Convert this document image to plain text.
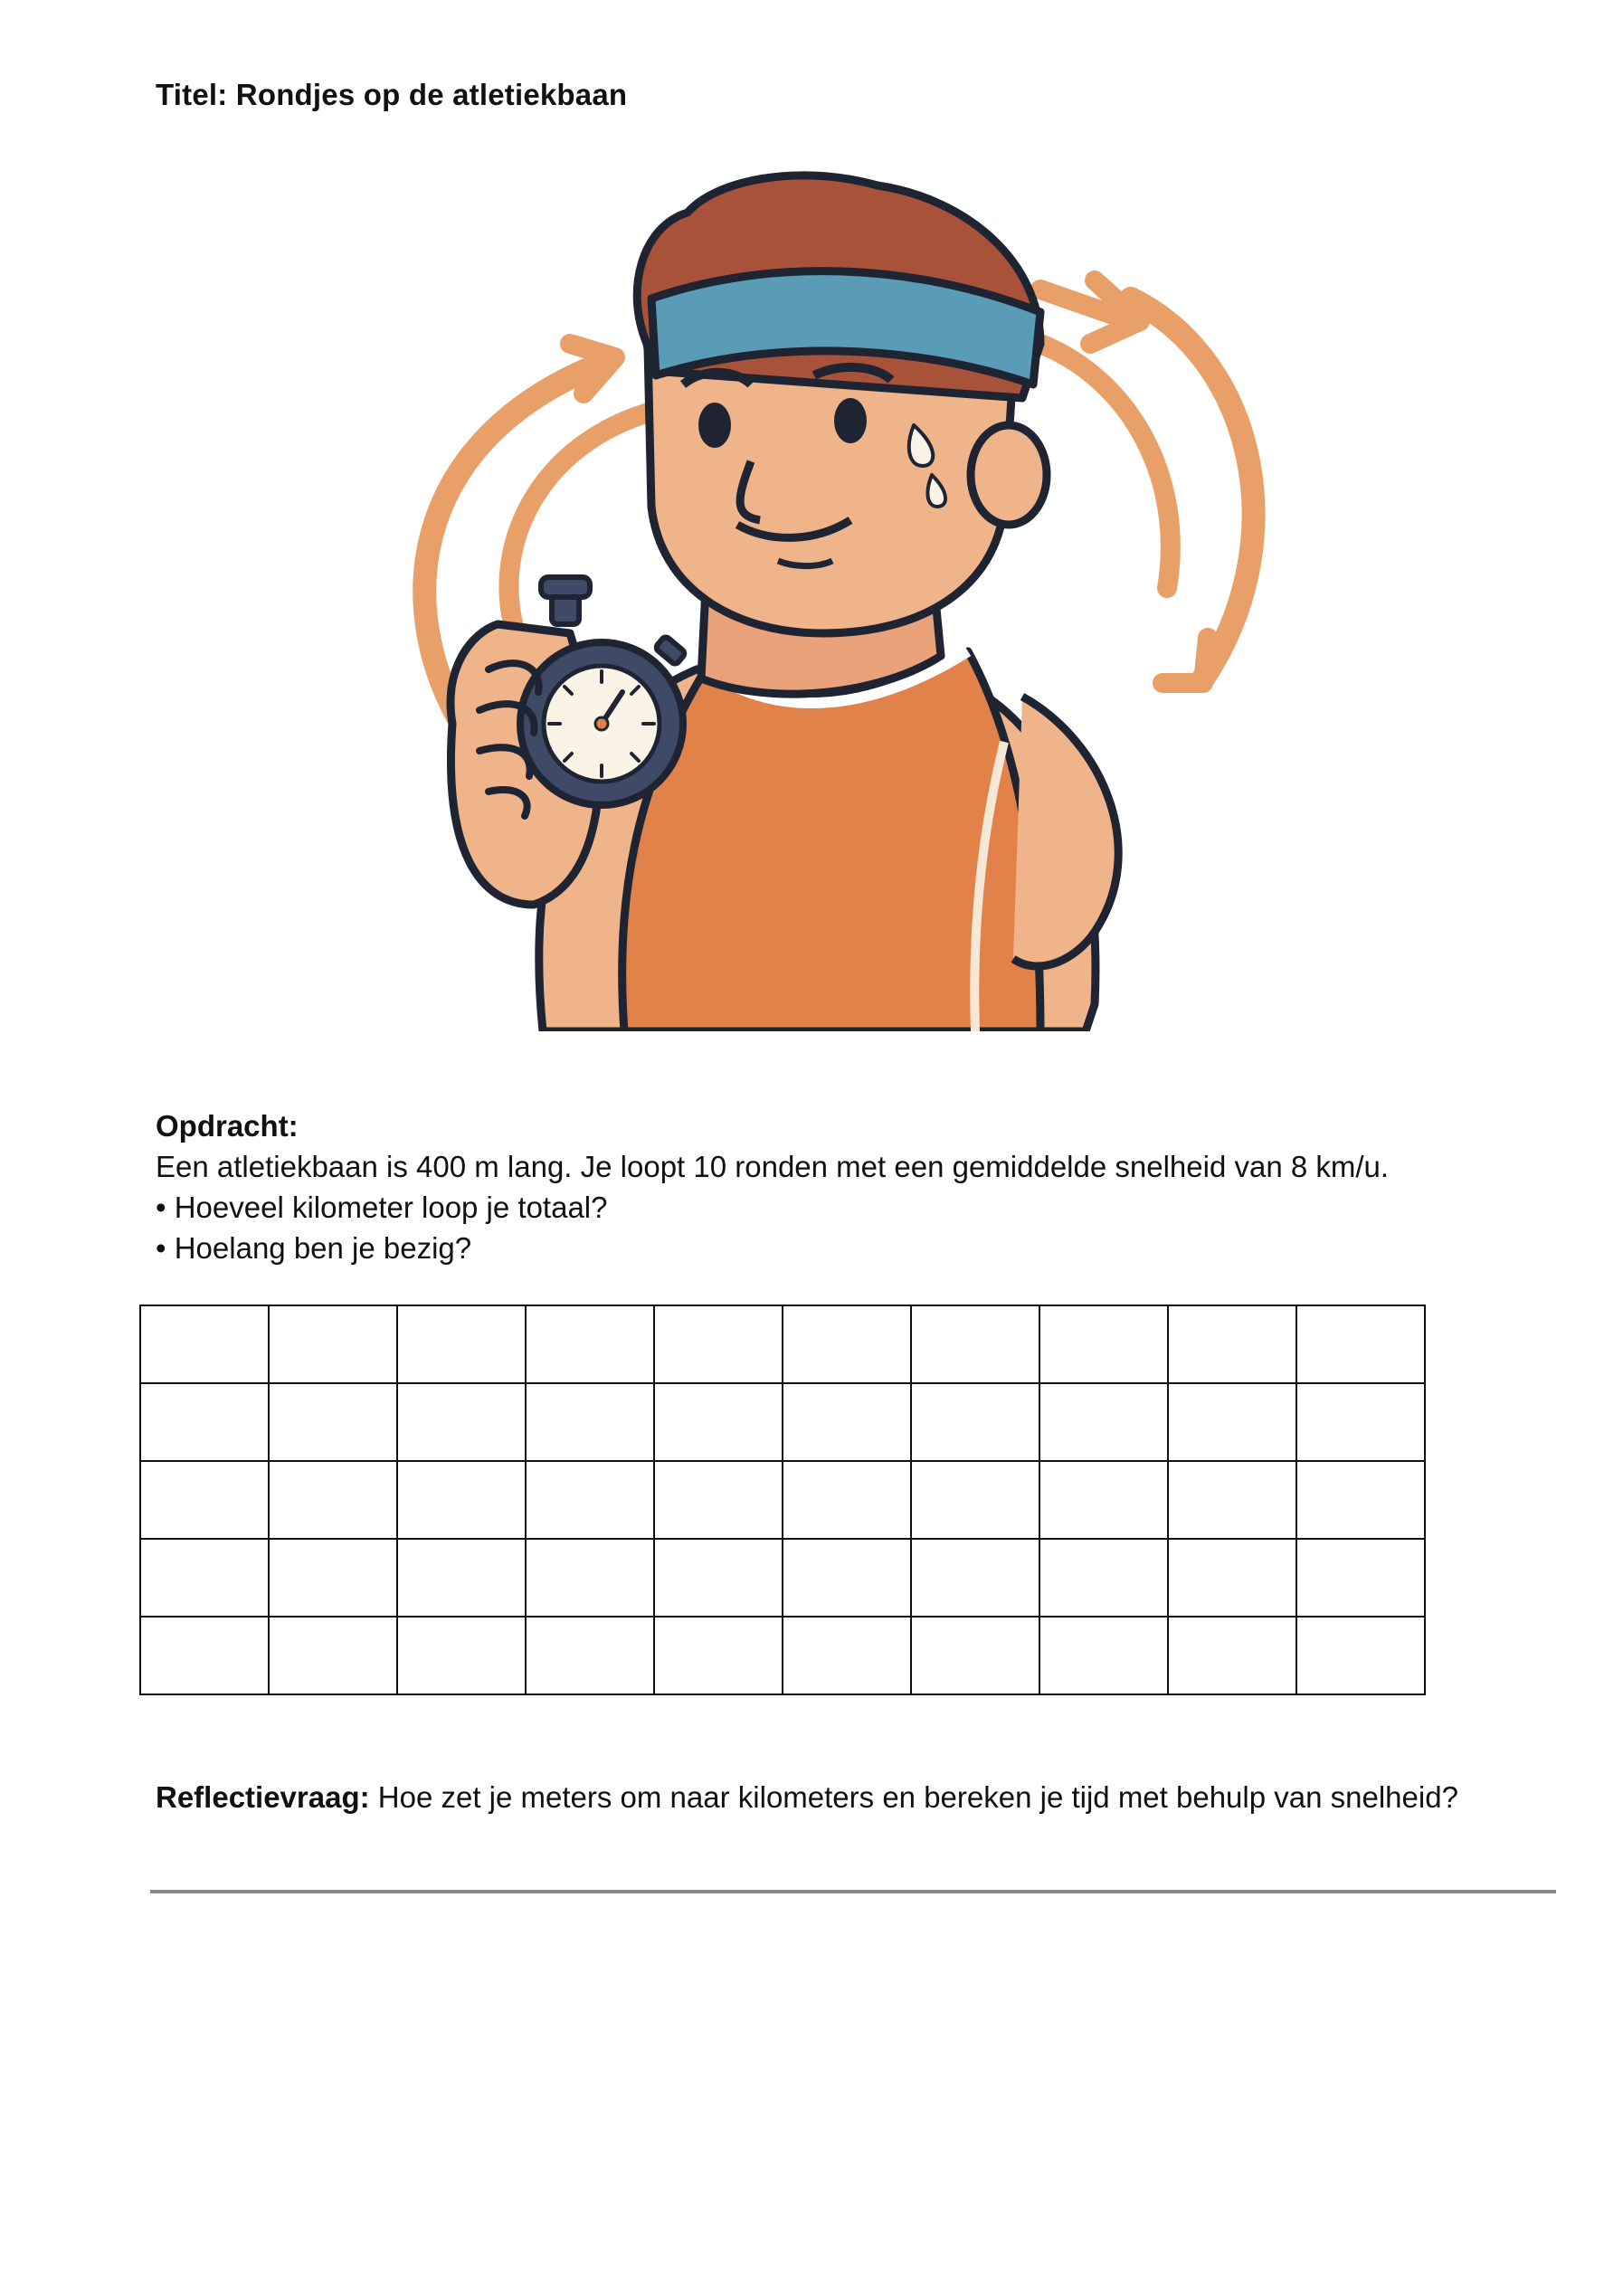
Titel: Rondjes op de atletiekbaan
Opdracht:
Een atletiekbaan is 400 m lang. Je loopt 10 ronden met een gemiddelde snelheid van 8 km/u.
• Hoeveel kilometer loop je totaal?
• Hoelang ben je bezig?

Reflectievraag: Hoe zet je meters om naar kilometers en bereken je tijd met behulp van snelheid?
